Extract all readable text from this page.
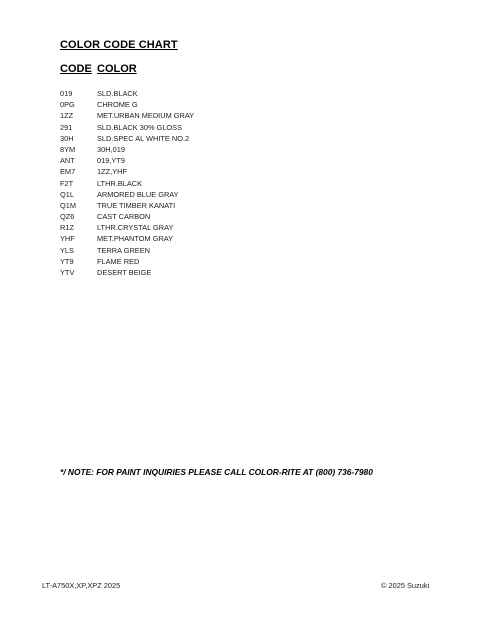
COLOR CODE CHART
CODE COLOR
019	SLD.BLACK
0PG	CHROME G
1ZZ	MET.URBAN MEDIUM GRAY
291	SLD.BLACK 30% GLOSS
30H	SLD.SPEC AL WHITE NO.2
8YM	30H,019
ANT	019,YT9
EM7	1ZZ,YHF
F2T	LTHR.BLACK
Q1L	ARMORED BLUE GRAY
Q1M	TRUE TIMBER KANATI
QZ6	CAST CARBON
R1Z	LTHR.CRYSTAL GRAY
YHF	MET.PHANTOM GRAY
YLS	TERRA GREEN
YT9	FLAME RED
YTV	DESERT BEIGE
*/ NOTE: FOR PAINT INQUIRIES PLEASE CALL COLOR-RITE AT (800) 736-7980
LT-A750X,XP,XPZ 2025	© 2025 Suzuki
